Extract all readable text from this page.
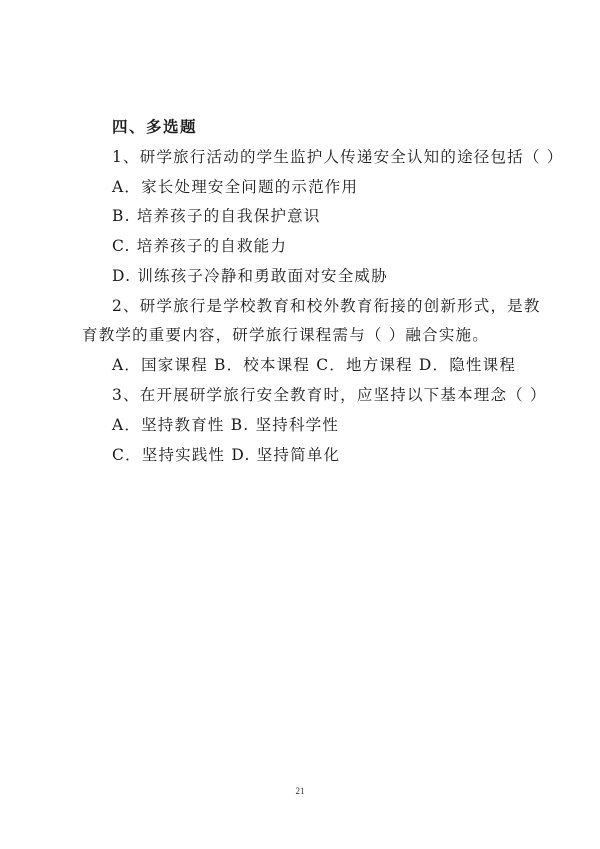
四、多选题
1、研学旅行活动的学生监护人传递安全认知的途径包括（ ）
A．家长处理安全问题的示范作用
B. 培养孩子的自我保护意识
C. 培养孩子的自救能力
D. 训练孩子冷静和勇敢面对安全威胁
2、研学旅行是学校教育和校外教育衔接的创新形式，是教
育教学的重要内容，研学旅行课程需与（ ）融合实施。
A．国家课程 B．校本课程 C．地方课程 D．隐性课程
3、在开展研学旅行安全教育时，应坚持以下基本理念（ ）
A．坚持教育性 B. 坚持科学性
C．坚持实践性 D. 坚持简单化
21
